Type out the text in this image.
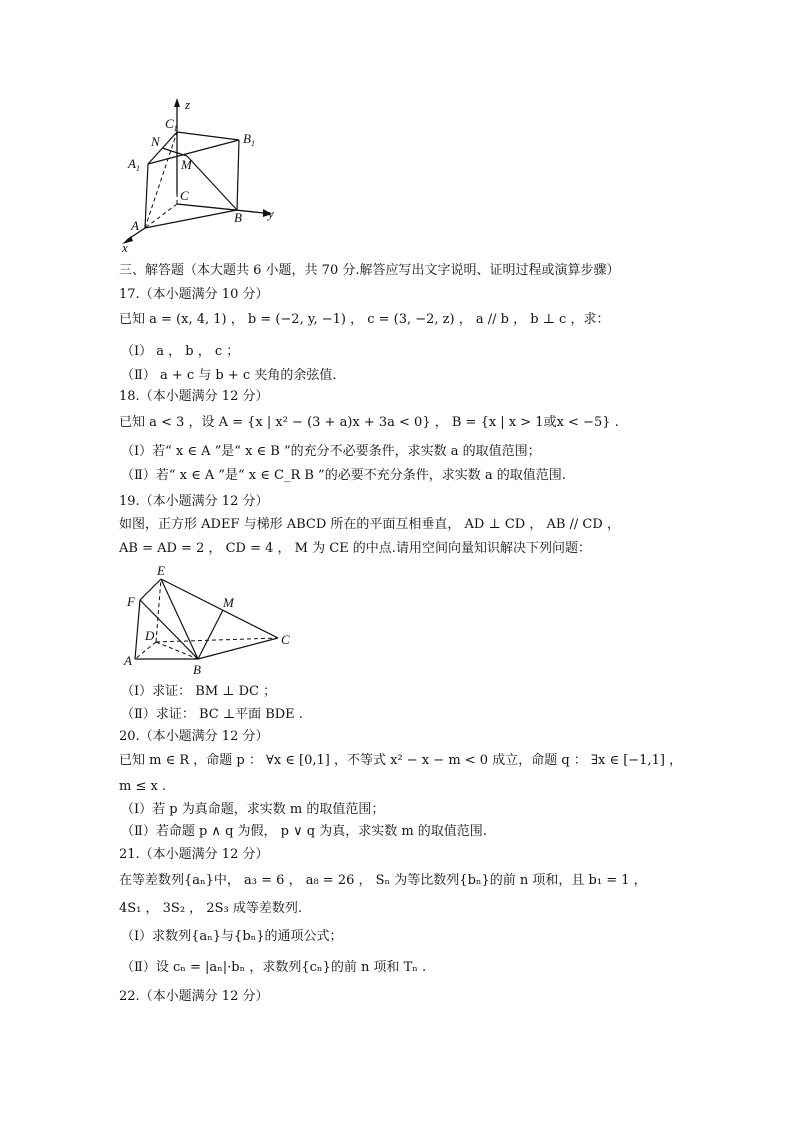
z
y
x
$C_1$
N	$B_1$
$A_1$	M
C
A
B
三、解答题（本大题共 6 小题，共 70 分.解答应写出文字说明、证明过程或演算步骤）
17.（本小题满分 10 分）
已知 a = (x, 4, 1) ， b = (−2, y, −1) ， c = (3, −2, z) ， a // b ， b ⊥ c ，求：
（Ⅰ） a ， b ， c ；
（Ⅱ） a + c 与 b + c 夹角的余弦值.
18.（本小题满分 12 分）
已知 a < 3 ，设 A = {x | x² − (3 + a)x + 3a < 0} ， B = {x | x > 1或x < −5} .
（Ⅰ）若“ x ∈ A ”是“ x ∈ B ”的充分不必要条件，求实数 a 的取值范围；
（Ⅱ）若“ x ∈ A ”是“ x ∈ C_R B ”的必要不充分条件，求实数 a 的取值范围.
19.（本小题满分 12 分）
如图，正方形 ADEF 与梯形 ABCD 所在的平面互相垂直， AD ⊥ CD ， AB // CD ，
AB = AD = 2 ， CD = 4 ， M 为 CE 的中点.请用空间向量知识解决下列问题：
E
F	M
D	C
A
B
（Ⅰ）求证： BM ⊥ DC ；
（Ⅱ）求证： BC ⊥平面 BDE .
20.（本小题满分 12 分）
已知 m ∈ R ，命题 p ： ∀x ∈ [0,1] ，不等式 x² − x − m < 0 成立，命题 q ： ∃x ∈ [−1,1] ，
m ≤ x .
（Ⅰ）若 p 为真命题，求实数 m 的取值范围；
（Ⅱ）若命题 p ∧ q 为假， p ∨ q 为真，求实数 m 的取值范围.
21.（本小题满分 12 分）
在等差数列{aₙ}中， a₃ = 6 ， a₈ = 26 ， Sₙ 为等比数列{bₙ}的前 n 项和，且 b₁ = 1 ，
4S₁ ， 3S₂ ， 2S₃ 成等差数列.
（Ⅰ）求数列{aₙ}与{bₙ}的通项公式；
（Ⅱ）设 cₙ = |aₙ|·bₙ ，求数列{cₙ}的前 n 项和 Tₙ .
22.（本小题满分 12 分）
